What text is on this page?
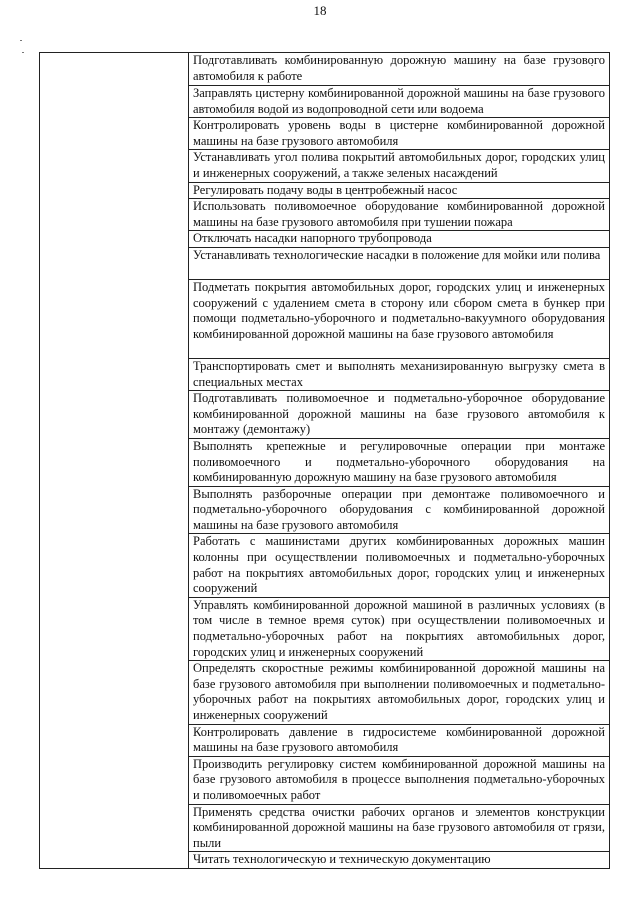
18
	Подготавливать комбинированную дорожную машину на базе грузового автомобиля к работе
Заправлять цистерну комбинированной дорожной машины на базе грузового автомобиля водой из водопроводной сети или водоема
Контролировать уровень воды в цистерне комбинированной дорожной машины на базе грузового автомобиля
Устанавливать угол полива покрытий автомобильных дорог, городских улиц и инженерных сооружений, а также зеленых насаждений
Регулировать подачу воды в центробежный насос
Использовать поливомоечное оборудование комбинированной дорожной машины на базе грузового автомобиля при тушении пожара
Отключать насадки напорного трубопровода
Устанавливать технологические насадки в положение для мойки или полива
Подметать покрытия автомобильных дорог, городских улиц и инженерных сооружений с удалением смета в сторону или сбором смета в бункер при помощи подметально-уборочного и подметально-вакуумного оборудования комбинированной дорожной машины на базе грузового автомобиля
Транспортировать смет и выполнять механизированную выгрузку смета в специальных местах
Подготавливать поливомоечное и подметально-уборочное оборудование комбинированной дорожной машины на базе грузового автомобиля к монтажу (демонтажу)
Выполнять крепежные и регулировочные операции при монтаже поливомоечного и подметально-уборочного оборудования на комбинированную дорожную машину на базе грузового автомобиля
Выполнять разборочные операции при демонтаже поливомоечного и подметально-уборочного оборудования с комбинированной дорожной машины на базе грузового автомобиля
Работать с машинистами других комбинированных дорожных машин колонны при осуществлении поливомоечных и подметально-уборочных работ на покрытиях автомобильных дорог, городских улиц и инженерных сооружений
Управлять комбинированной дорожной машиной в различных условиях (в том числе в темное время суток) при осуществлении поливомоечных и подметально-уборочных работ на покрытиях автомобильных дорог, городских улиц и инженерных сооружений
Определять скоростные режимы комбинированной дорожной машины на базе грузового автомобиля при выполнении поливомоечных и подметально-уборочных работ на покрытиях автомобильных дорог, городских улиц и инженерных сооружений
Контролировать давление в гидросистеме комбинированной дорожной машины на базе грузового автомобиля
Производить регулировку систем комбинированной дорожной машины на базе грузового автомобиля в процессе выполнения подметально-уборочных и поливомоечных работ
Применять средства очистки рабочих органов и элементов конструкции комбинированной дорожной машины на базе грузового автомобиля от грязи, пыли
Читать технологическую и техническую документацию
